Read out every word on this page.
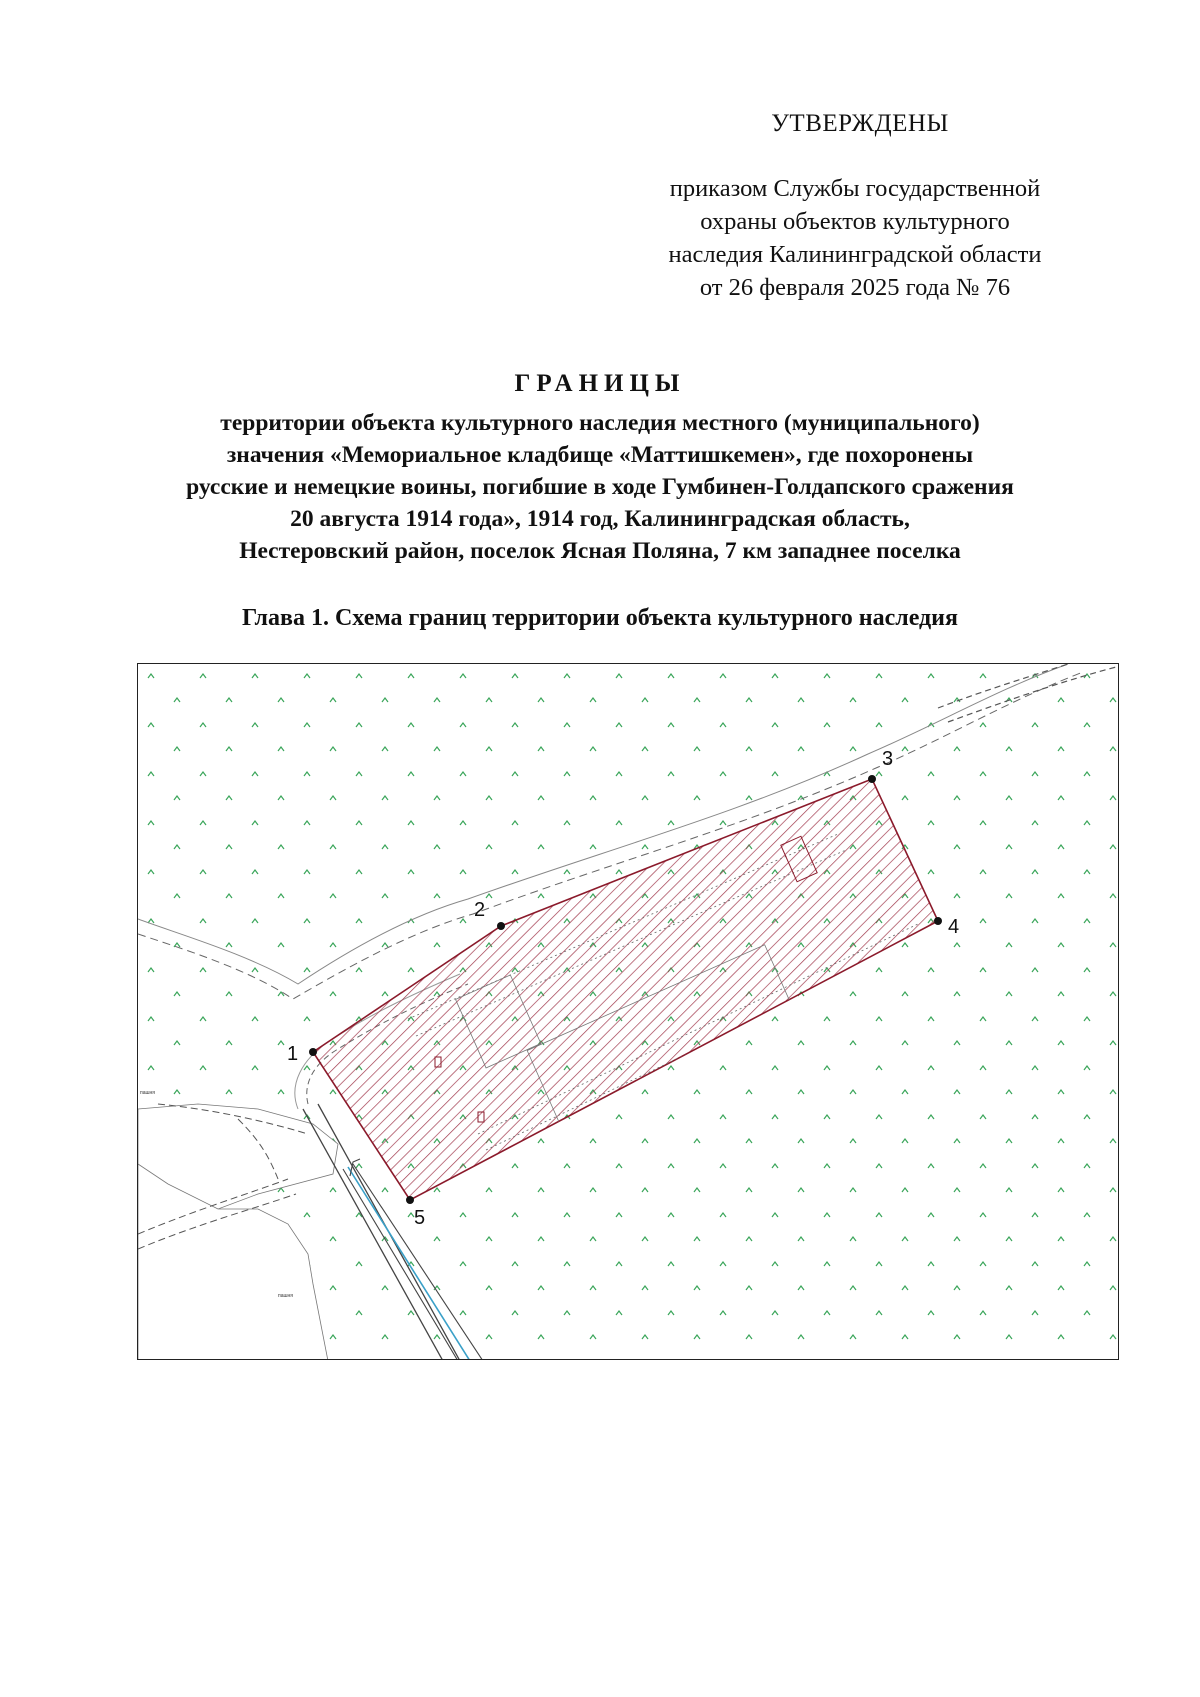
УТВЕРЖДЕНЫ
приказом Службы государственной
охраны объектов культурного
наследия Калининградской области
от 26 февраля 2025 года № 76
ГРАНИЦЫ
территории объекта культурного наследия местного (муниципального)
значения «Мемориальное кладбище «Маттишкемен», где похоронены
русские и немецкие воины, погибшие в ходе Гумбинен-Голдапского сражения
20 августа 1914 года», 1914 год, Калининградская область,
Нестеровский район, поселок Ясная Поляна, 7 км западнее поселка
Глава 1. Схема границ территории объекта культурного наследия
1
2
3
4
5
пашня
пашня
